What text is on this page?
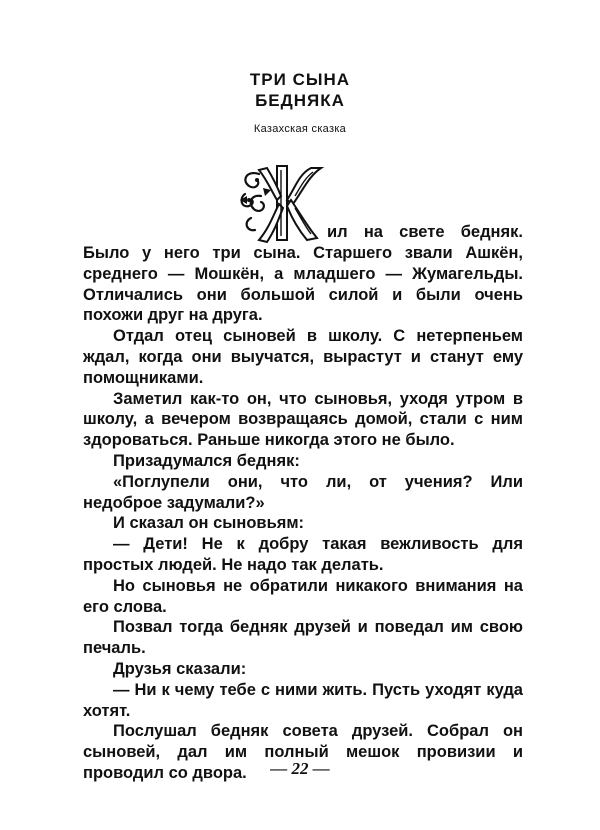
ТРИ СЫНА
БЕДНЯКА
Казахская сказка
ил на свете бедняк.

Было у него три сына. Старшего звали Ашкён, среднего — Мошкён, а младшего — Жумагельды. Отличались они большой силой и были очень похожи друг на друга.

Отдал отец сыновей в школу. С нетерпеньем ждал, когда они выучатся, вырастут и станут ему помощниками.

Заметил как-то он, что сыновья, уходя утром в школу, а вечером возвращаясь домой, стали с ним здороваться. Раньше никогда этого не было.

Призадумался бедняк:

«Поглупели они, что ли, от учения? Или недоброе задумали?»

И сказал он сыновьям:

— Дети! Не к добру такая вежливость для простых людей. Не надо так делать.

Но сыновья не обратили никакого внимания на его слова.

Позвал тогда бедняк друзей и поведал им свою печаль.

Друзья сказали:

— Ни к чему тебе с ними жить. Пусть уходят куда хотят.

Послушал бедняк совета друзей. Собрал он сыновей, дал им полный мешок провизии и проводил со двора.	— 22 —
